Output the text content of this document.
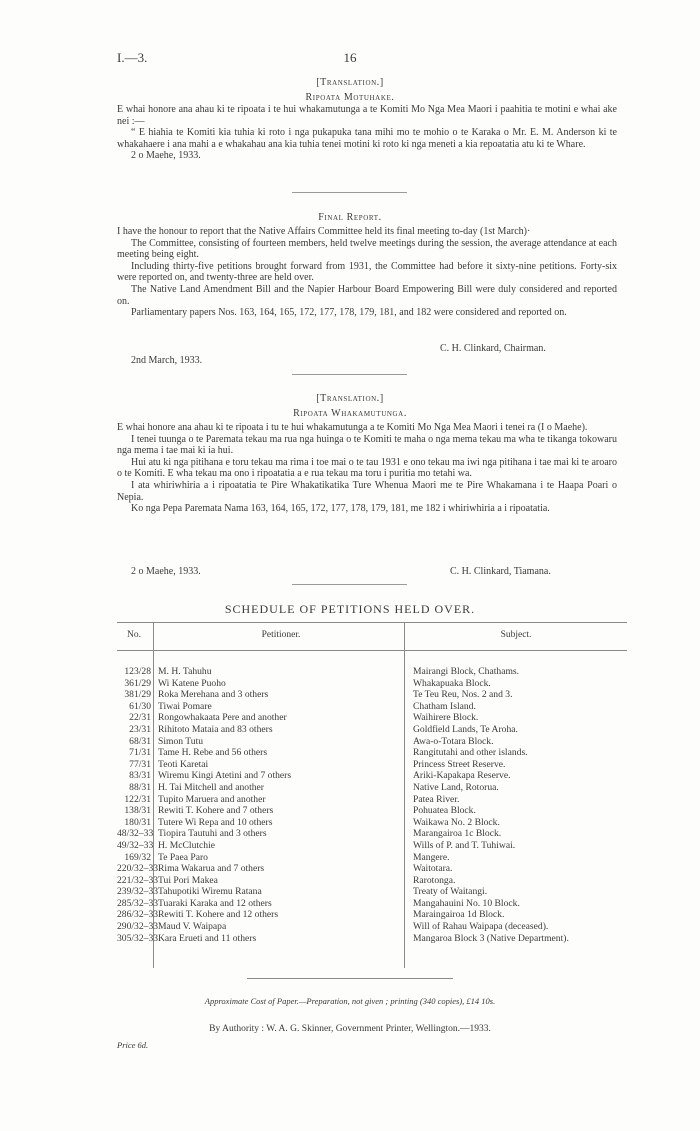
I.—3.	16
[Translation.]
Ripoata Motuhake.

E whai honore ana ahau ki te ripoata i te hui whakamutunga a te Komiti Mo Nga Mea Maori i paahitia te motini e whai ake nei :—

“ E hiahia te Komiti kia tuhia ki roto i nga pukapuka tana mihi mo te mohio o te Karaka o Mr. E. M. Anderson ki te whakahaere i ana mahi a e whakahau ana kia tuhia tenei motini ki roto ki nga meneti a kia repoatatia atu ki te Whare.

2 o Maehe, 1933.

Final Report.

I have the honour to report that the Native Affairs Committee held its final meeting to-day (1st March)·

The Committee, consisting of fourteen members, held twelve meetings during the session, the average attendance at each meeting being eight.

Including thirty-five petitions brought forward from 1931, the Committee had before it sixty-nine petitions. Forty-six were reported on, and twenty-three are held over.

The Native Land Amendment Bill and the Napier Harbour Board Empowering Bill were duly considered and reported on.

Parliamentary papers Nos. 163, 164, 165, 172, 177, 178, 179, 181, and 182 were considered and reported on.

C. H. Clinkard, Chairman.
2nd March, 1933.
[Translation.]
Ripoata Whakamutunga.

E whai honore ana ahau ki te ripoata i tu te hui whakamutunga a te Komiti Mo Nga Mea Maori i tenei ra (I o Maehe).

I tenei tuunga o te Paremata tekau ma rua nga huinga o te Komiti te maha o nga mema tekau ma wha te tikanga tokowaru nga mema i tae mai ki ia hui.

Hui atu ki nga pitihana e toru tekau ma rima i toe mai o te tau 1931 e ono tekau ma iwi nga pitihana i tae mai ki te aroaro o te Komiti. E wha tekau ma ono i ripoatatia a e rua tekau ma toru i puritia mo tetahi wa.

I ata whiriwhiria a i ripoatatia te Pire Whakatikatika Ture Whenua Maori me te Pire Whakamana i te Haapa Poari o Nepia.

Ko nga Pepa Paremata Nama 163, 164, 165, 172, 177, 178, 179, 181, me 182 i whiriwhiria a i ripoatatia.

2 o Maehe, 1933.	C. H. Clinkard, Tiamana.
SCHEDULE OF PETITIONS HELD OVER.
No.	Petitioner.	Subject.
123/28 M. H. Tahuhu	Mairangi Block, Chathams.
361/29 Wi Katene Puoho	Whakapuaka Block.
381/29 Roka Merehana and 3 others	Te Teu Reu, Nos. 2 and 3.
61/30 Tiwai Pomare	Chatham Island.
22/31 Rongowhakaata Pere and another	Waihirere Block.
23/31 Rihitoto Mataia and 83 others	Goldfield Lands, Te Aroha.
68/31 Simon Tutu	Awa-o-Totara Block.
71/31 Tame H. Rebe and 56 others	Rangitutahi and other islands.
77/31 Teoti Karetai	Princess Street Reserve.
83/31 Wiremu Kingi Atetini and 7 others	Ariki-Kapakapa Reserve.
88/31 H. Tai Mitchell and another	Native Land, Rotorua.
122/31 Tupito Maruera and another	Patea River.
138/31 Rewiti T. Kohere and 7 others	Pohuatea Block.
180/31 Tutere Wi Repa and 10 others	Waikawa No. 2 Block.
48/32–33 Tiopira Tautuhi and 3 others	Marangairoa 1c Block.
49/32–33 H. McClutchie	Wills of P. and T. Tuhiwai.
169/32 Te Paea Paro	Mangere.
220/32–33 Rima Wakarua and 7 others	Waitotara.
221/32–33 Tui Pori Makea	Rarotonga.
239/32–33 Tahupotiki Wiremu Ratana	Treaty of Waitangi.
285/32–33 Tuaraki Karaka and 12 others	Mangahauini No. 10 Block.
286/32–33 Rewiti T. Kohere and 12 others	Maraingairoa 1d Block.
290/32–33 Maud V. Waipapa	Will of Rahau Waipapa (deceased).
305/32–33 Kara Erueti and 11 others	Mangaroa Block 3 (Native Department).
Approximate Cost of Paper.—Preparation, not given ; printing (340 copies), £14 10s.
By Authority : W. A. G. Skinner, Government Printer, Wellington.—1933.
Price 6d.
